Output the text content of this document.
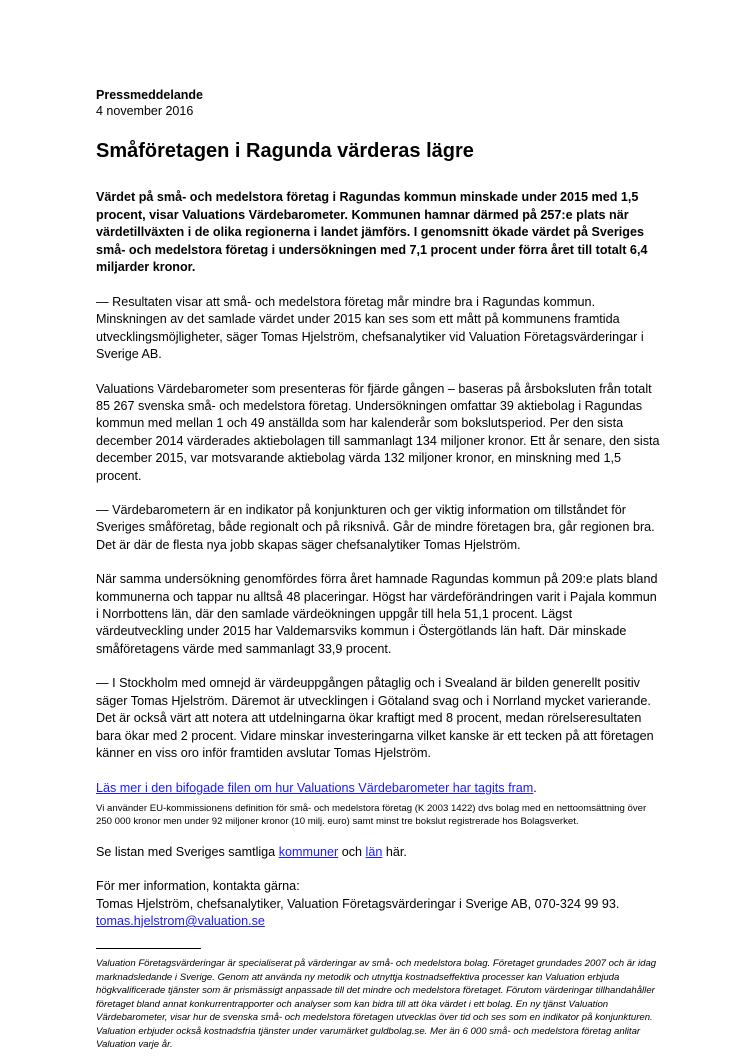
Pressmeddelande
4 november 2016
Småföretagen i Ragunda värderas lägre

Värdet på små- och medelstora företag i Ragundas kommun minskade under 2015 med 1,5 procent, visar Valuations Värdebarometer. Kommunen hamnar därmed på 257:e plats när värdetillväxten i de olika regionerna i landet jämförs. I genomsnitt ökade värdet på Sveriges små- och medelstora företag i undersökningen med 7,1 procent under förra året till totalt 6,4 miljarder kronor.

— Resultaten visar att små- och medelstora företag mår mindre bra i Ragundas kommun. Minskningen av det samlade värdet under 2015 kan ses som ett mått på kommunens framtida utvecklingsmöjligheter, säger Tomas Hjelström, chefsanalytiker vid Valuation Företagsvärderingar i Sverige AB.

Valuations Värdebarometer som presenteras för fjärde gången – baseras på årsboksluten från totalt 85 267 svenska små- och medelstora företag. Undersökningen omfattar 39 aktiebolag i Ragundas kommun med mellan 1 och 49 anställda som har kalenderår som bokslutsperiod. Per den sista december 2014 värderades aktiebolagen till sammanlagt 134 miljoner kronor. Ett år senare, den sista december 2015, var motsvarande aktiebolag värda 132 miljoner kronor, en minskning med 1,5 procent.

— Värdebarometern är en indikator på konjunkturen och ger viktig information om tillståndet för Sveriges småföretag, både regionalt och på riksnivå. Går de mindre företagen bra, går regionen bra. Det är där de flesta nya jobb skapas säger chefsanalytiker Tomas Hjelström.

När samma undersökning genomfördes förra året hamnade Ragundas kommun på 209:e plats bland kommunerna och tappar nu alltså 48 placeringar. Högst har värdeförändringen varit i Pajala kommun i Norrbottens län, där den samlade värdeökningen uppgår till hela 51,1 procent. Lägst värdeutveckling under 2015 har Valdemarsviks kommun i Östergötlands län haft. Där minskade småföretagens värde med sammanlagt 33,9 procent.

— I Stockholm med omnejd är värdeuppgången påtaglig och i Svealand är bilden generellt positiv säger Tomas Hjelström. Däremot är utvecklingen i Götaland svag och i Norrland mycket varierande. Det är också värt att notera att utdelningarna ökar kraftigt med 8 procent, medan rörelseresultaten bara ökar med 2 procent. Vidare minskar investeringarna vilket kanske är ett tecken på att företagen känner en viss oro inför framtiden avslutar Tomas Hjelström.

Läs mer i den bifogade filen om hur Valuations Värdebarometer har tagits fram.

Vi använder EU-kommissionens definition för små- och medelstora företag (K 2003 1422) dvs bolag med en nettoomsättning över 250 000 kronor men under 92 miljoner kronor (10 milj. euro) samt minst tre bokslut registrerade hos Bolagsverket.

Se listan med Sveriges samtliga kommuner och län här.

För mer information, kontakta gärna:
Tomas Hjelström, chefsanalytiker, Valuation Företagsvärderingar i Sverige AB, 070-324 99 93.
tomas.hjelstrom@valuation.se

Valuation Företagsvärderingar är specialiserat på värderingar av små- och medelstora bolag. Företaget grundades 2007 och är idag marknadsledande i Sverige. Genom att använda ny metodik och utnyttja kostnadseffektiva processer kan Valuation erbjuda högkvalificerade tjänster som är prismässigt anpassade till det mindre och medelstora företaget. Förutom värderingar tillhandahåller företaget bland annat konkurrentrapporter och analyser som kan bidra till att öka värdet i ett bolag. En ny tjänst Valuation Värdebarometer, visar hur de svenska små- och medelstora företagen utvecklas över tid och ses som en indikator på konjunkturen. Valuation erbjuder också kostnadsfria tjänster under varumärket guldbolag.se. Mer än 6 000 små- och medelstora företag anlitar Valuation varje år.
